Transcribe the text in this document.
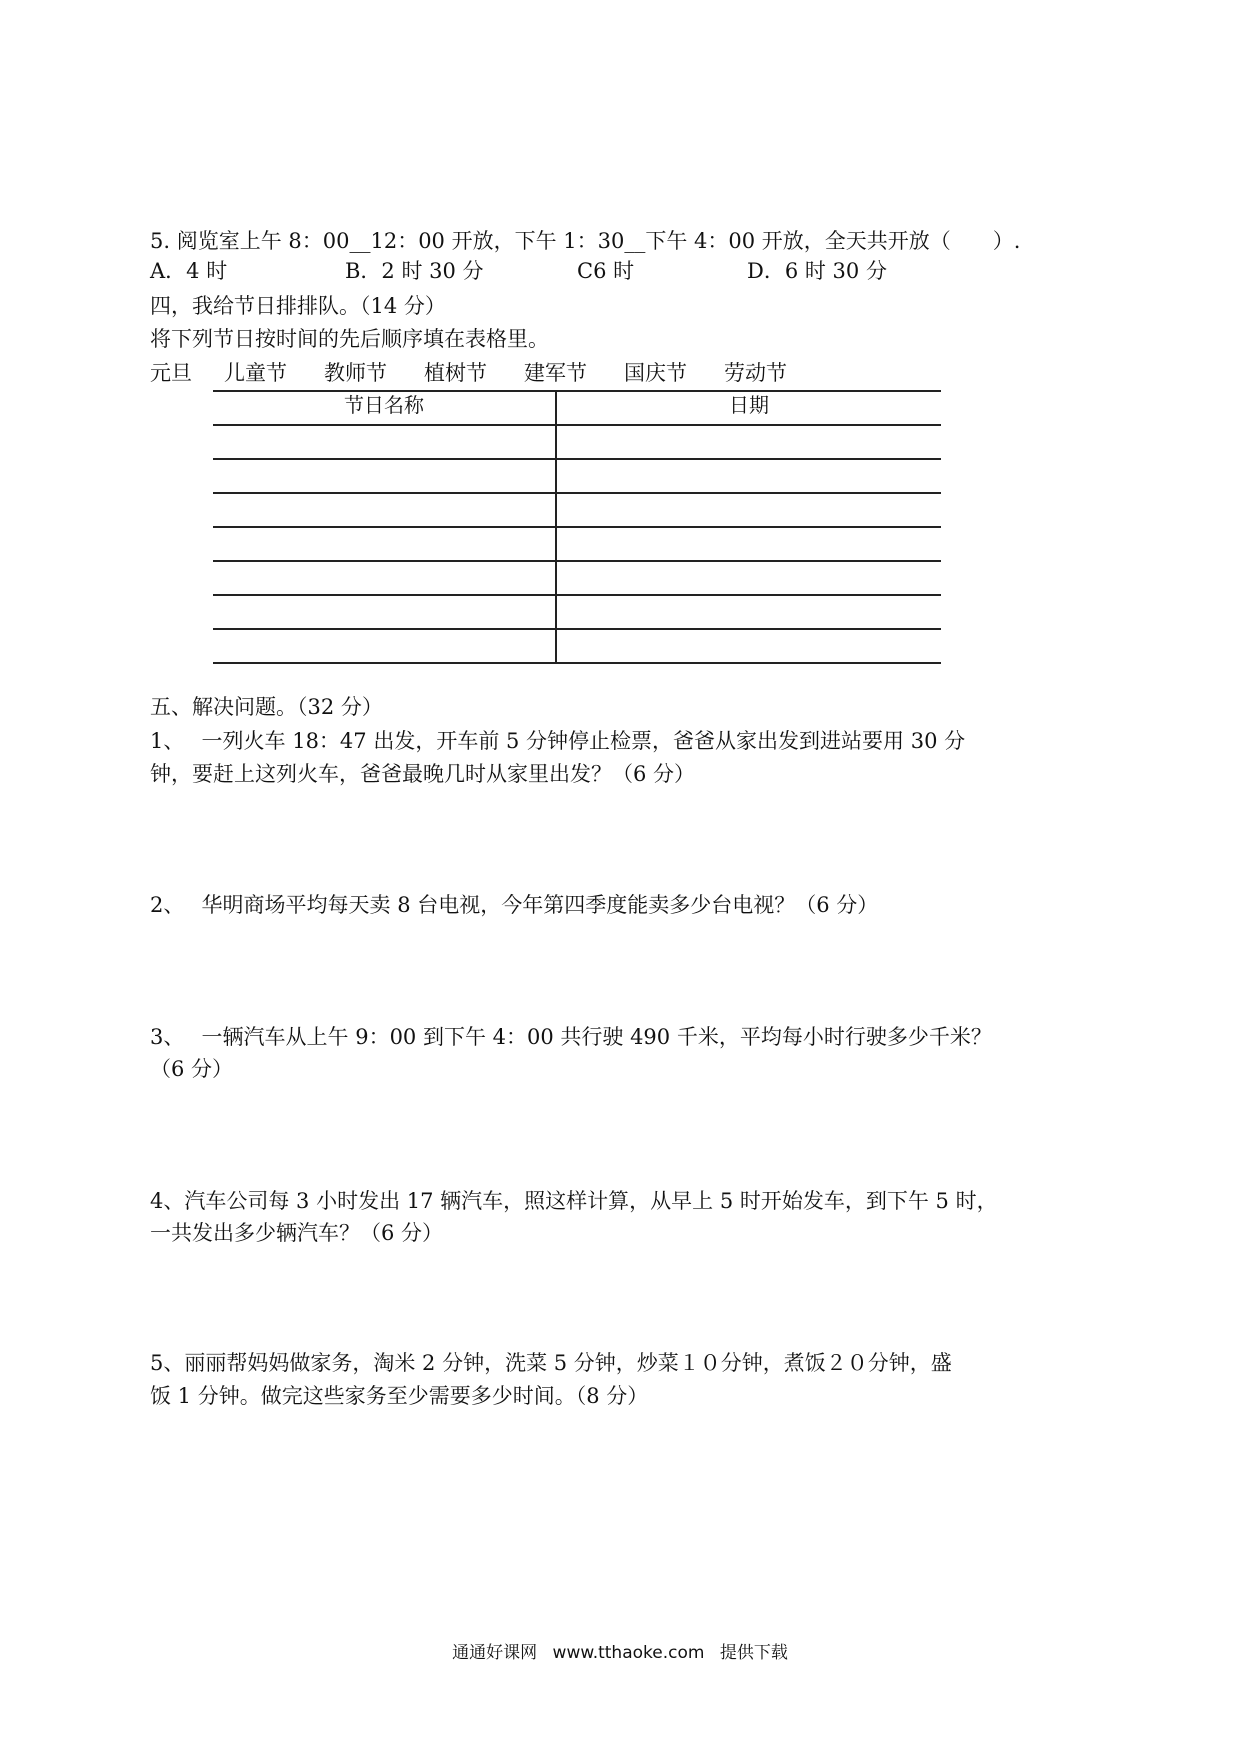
5. 阅览室上午 8：00__12：00 开放，下午 1：30__下午 4：00 开放，全天共开放（　　）.

A．4 时	B．2 时 30 分	C6 时	D．6 时 30 分

四，我给节日排排队。（14 分）

将下列节日按时间的先后顺序填在表格里。

元旦 儿童节 教师节 植树节 建军节 国庆节 劳动节
节日名称	日期

五、解决问题。（32 分）

1、　 一列火车 18：47 出发，开车前 5 分钟停止检票，爸爸从家出发到进站要用 30 分

钟，要赶上这列火车，爸爸最晚几时从家里出发？（6 分）

2、　 华明商场平均每天卖 8 台电视，今年第四季度能卖多少台电视？（6 分）

3、　 一辆汽车从上午 9：00 到下午 4：00 共行驶 490 千米，平均每小时行驶多少千米？

（6 分）

4、汽车公司每 3 小时发出 17 辆汽车，照这样计算，从早上 5 时开始发车，到下午 5 时，

一共发出多少辆汽车？（6 分）

5、丽丽帮妈妈做家务，淘米 2 分钟，洗菜 5 分钟，炒菜１０分钟，煮饭２０分钟，盛

饭 1 分钟。做完这些家务至少需要多少时间。（8 分）

通通好课网 www.tthaoke.com 提供下载
